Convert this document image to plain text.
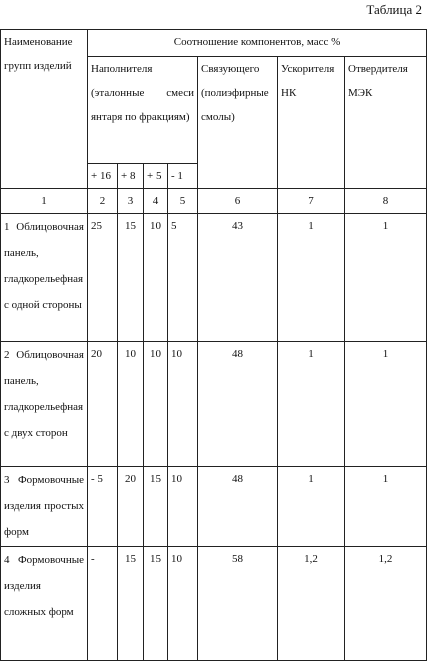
Таблица 2
Наименование групп изделий	Соотношение компонентов, масс %						
	Наполнителя (эталонные смеси янтаря по фракциям)				Связующего (полиэфирные смолы)	Ускорителя НК	Отвердителя МЭК
	+ 16	+ 8	+ 5	- 1			
1	2	3	4	5	6	7	8
1 Облицовочная панель, гладкорельефная с одной стороны	25	15	10	5	43	1	1
2 Облицовочная панель, гладкорельефная с двух сторон	20	10	10	10	48	1	1
3 Формовочные изделия простых форм	- 5	20	15	10	48	1	1
4 Формовочные изделия сложных форм	-	15	15	10	58	1,2	1,2
